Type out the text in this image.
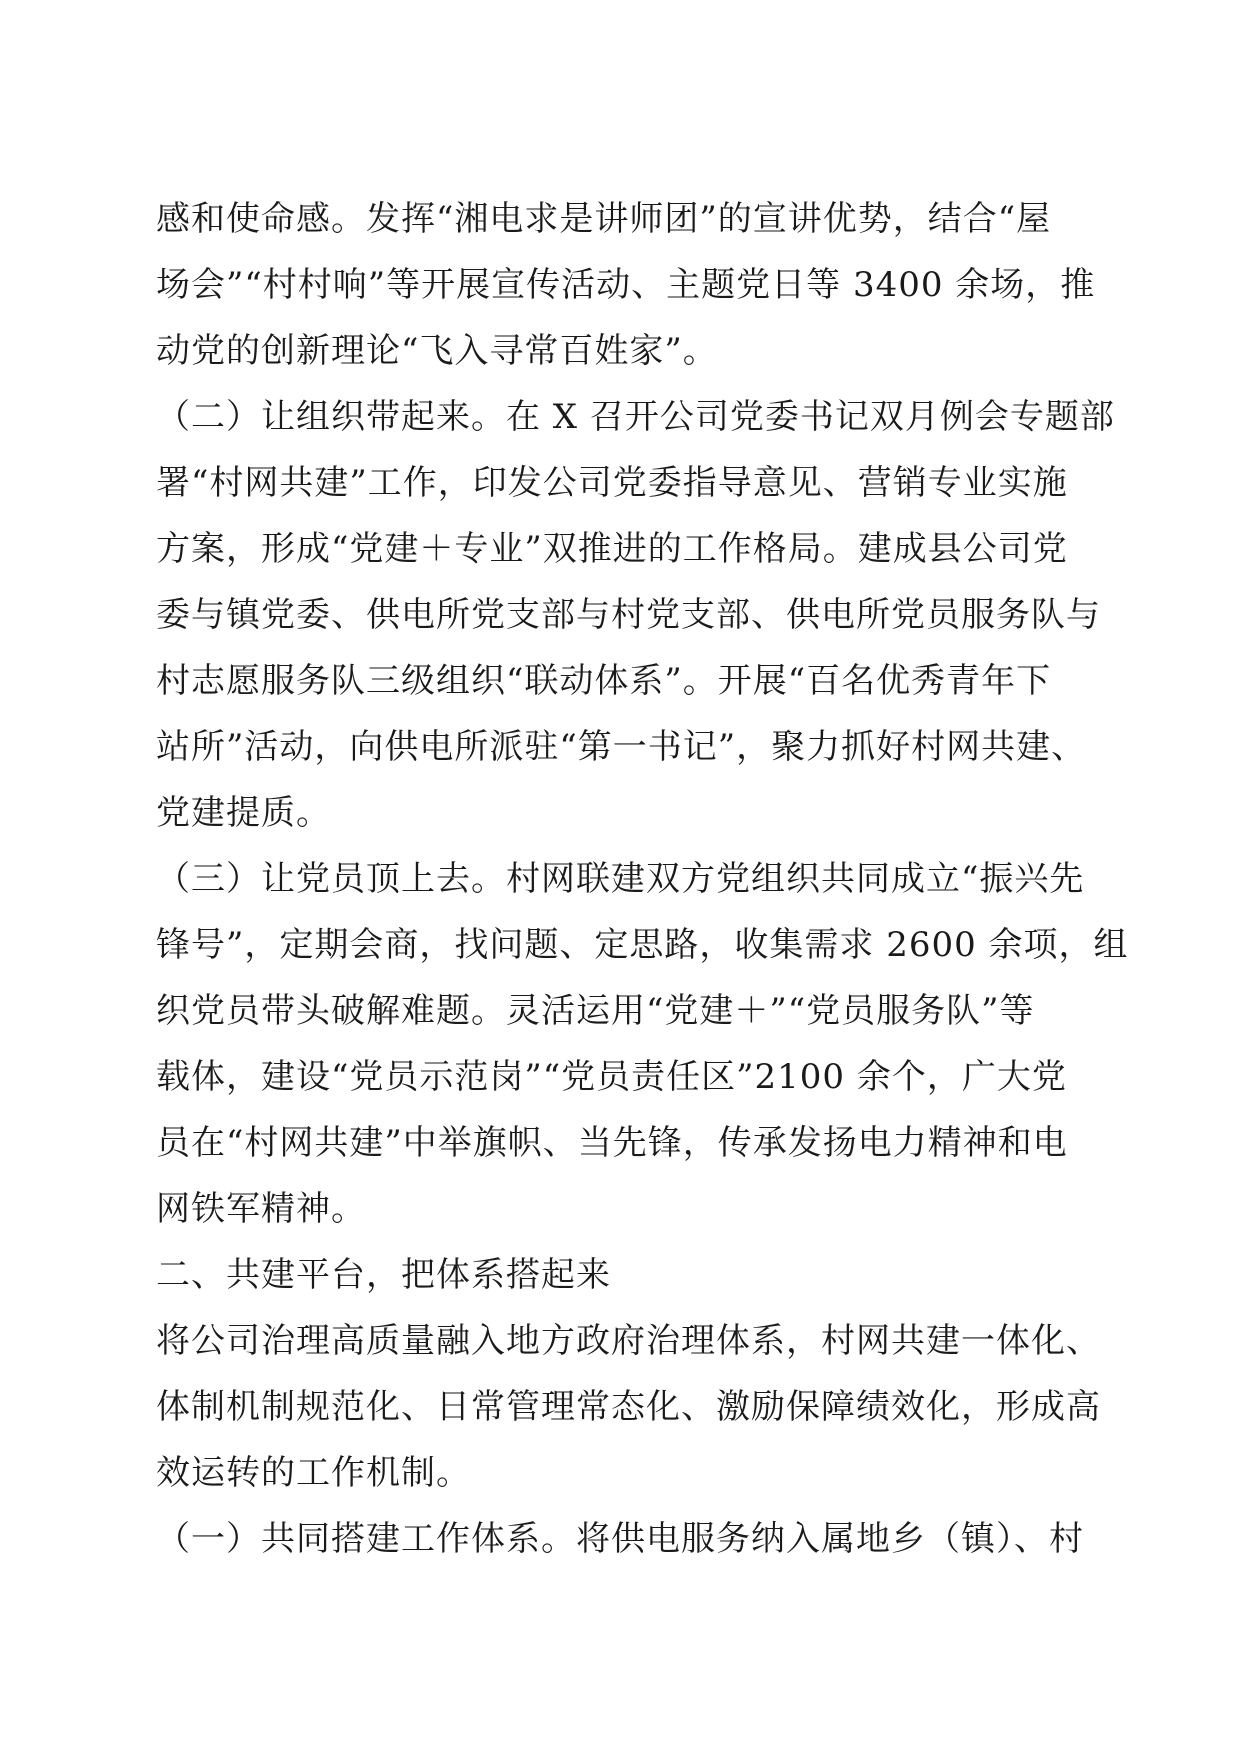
感和使命感。发挥“湘电求是讲师团”的宣讲优势，结合“屋
场会”“村村响”等开展宣传活动、主题党日等 3400 余场，推
动党的创新理论“飞入寻常百姓家”。

（二）让组织带起来。在 X 召开公司党委书记双月例会专题部
署“村网共建”工作，印发公司党委指导意见、营销专业实施
方案，形成“党建＋专业”双推进的工作格局。建成县公司党
委与镇党委、供电所党支部与村党支部、供电所党员服务队与
村志愿服务队三级组织“联动体系”。开展“百名优秀青年下
站所”活动，向供电所派驻“第一书记”，聚力抓好村网共建、
党建提质。

（三）让党员顶上去。村网联建双方党组织共同成立“振兴先
锋号”，定期会商，找问题、定思路，收集需求 2600 余项，组
织党员带头破解难题。灵活运用“党建＋”“党员服务队”等
载体，建设“党员示范岗”“党员责任区”2100 余个，广大党
员在“村网共建”中举旗帜、当先锋，传承发扬电力精神和电
网铁军精神。

二、共建平台，把体系搭起来

将公司治理高质量融入地方政府治理体系，村网共建一体化、
体制机制规范化、日常管理常态化、激励保障绩效化，形成高
效运转的工作机制。

（一）共同搭建工作体系。将供电服务纳入属地乡（镇）、村
